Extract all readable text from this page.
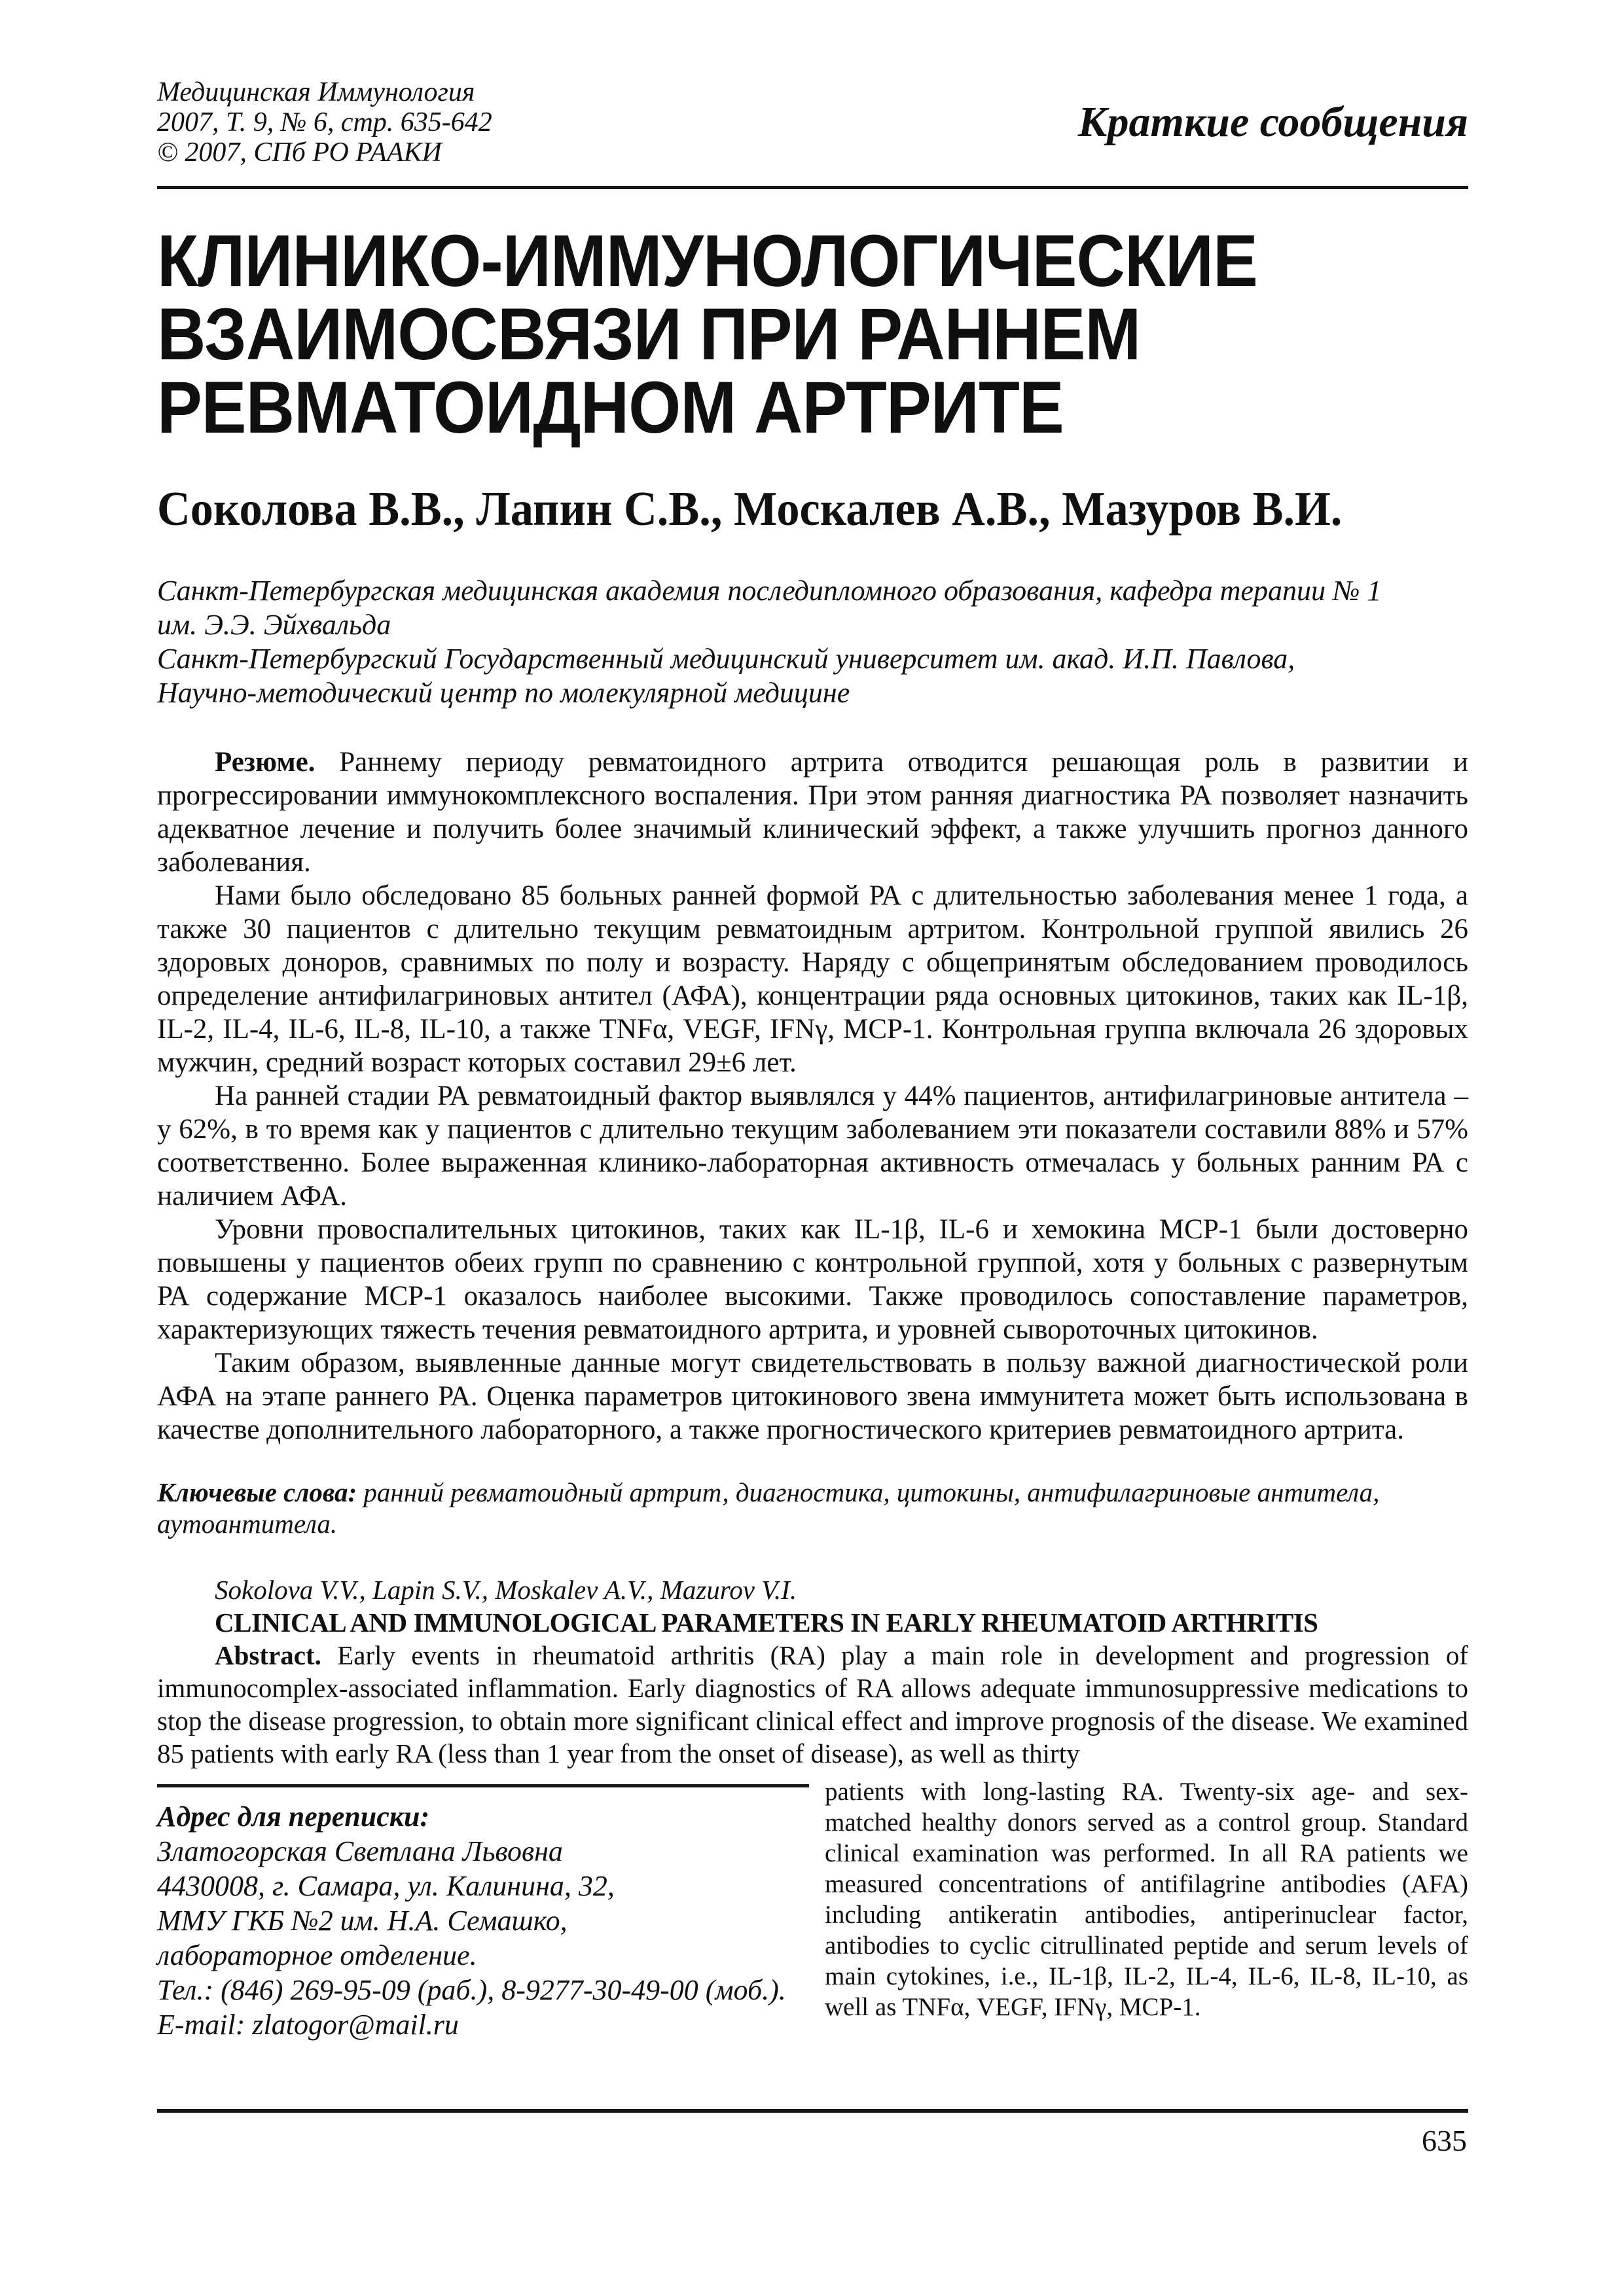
Медицинская Иммунология
2007, Т. 9, № 6, стр. 635-642
© 2007, СПб РО РААКИ
Краткие сообщения
КЛИНИКО-ИММУНОЛОГИЧЕСКИЕ
ВЗАИМОСВЯЗИ ПРИ РАННЕМ
РЕВМАТОИДНОМ АРТРИТЕ
Соколова В.В., Лапин С.В., Москалев А.В., Мазуров В.И.
Санкт-Петербургская медицинская академия последипломного образования, кафедра терапии № 1
им. Э.Э. Эйхвальда
Санкт-Петербургский Государственный медицинский университет им. акад. И.П. Павлова,
Научно-методический центр по молекулярной медицине

Резюме. Раннему периоду ревматоидного артрита отводится решающая роль в развитии и прогрессировании иммунокомплексного воспаления. При этом ранняя диагностика РА позволяет назначить адекватное лечение и получить более значимый клинический эффект, а также улучшить прогноз данного заболевания.

Нами было обследовано 85 больных ранней формой РА с длительностью заболевания менее 1 года, а также 30 пациентов с длительно текущим ревматоидным артритом. Контрольной группой явились 26 здоровых доноров, сравнимых по полу и возрасту. Наряду с общепринятым обследованием проводилось определение антифилагриновых антител (АФА), концентрации ряда основных цитокинов, таких как IL-1β, IL-2, IL-4, IL-6, IL-8, IL-10, а также TNFα, VEGF, IFNγ, MCP-1. Контрольная группа включала 26 здоровых мужчин, средний возраст которых составил 29±6 лет.

На ранней стадии РА ревматоидный фактор выявлялся у 44% пациентов, антифилагриновые антитела – у 62%, в то время как у пациентов с длительно текущим заболеванием эти показатели составили 88% и 57% соответственно. Более выраженная клинико-лабораторная активность отмечалась у больных ранним РА с наличием АФА.

Уровни провоспалительных цитокинов, таких как IL-1β, IL-6 и хемокина MCP-1 были достоверно повышены у пациентов обеих групп по сравнению с контрольной группой, хотя у больных с развернутым РА содержание MCP-1 оказалось наиболее высокими. Также проводилось сопоставление параметров, характеризующих тяжесть течения ревматоидного артрита, и уровней сывороточных цитокинов.

Таким образом, выявленные данные могут свидетельствовать в пользу важной диагностической роли АФА на этапе раннего РА. Оценка параметров цитокинового звена иммунитета может быть использована в качестве дополнительного лабораторного, а также прогностического критериев ревматоидного артрита.

Ключевые слова: ранний ревматоидный артрит, диагностика, цитокины, антифилагриновые антитела, аутоантитела.

Sokolova V.V., Lapin S.V., Moskalev A.V., Mazurov V.I.

CLINICAL AND IMMUNOLOGICAL PARAMETERS IN EARLY RHEUMATOID ARTHRITIS

Abstract. Early events in rheumatoid arthritis (RA) play a main role in development and progression of immunocomplex-associated inflammation. Early diagnostics of RA allows adequate immunosuppressive medications to stop the disease progression, to obtain more significant clinical effect and improve prognosis of the disease. We examined 85 patients with early RA (less than 1 year from the onset of disease), as well as thirty

Адрес для переписки:
Златогорская Светлана Львовна
4430008, г. Самара, ул. Калинина, 32,
ММУ ГКБ №2 им. Н.А. Семашко,
лабораторное отделение.
Тел.: (846) 269-95-09 (раб.), 8-9277-30-49-00 (моб.).
E-mail: zlatogor@mail.ru

patients with long-lasting RA. Twenty-six age- and sex-matched healthy donors served as a control group. Standard clinical examination was performed. In all RA patients we measured concentrations of antifilagrine antibodies (AFA) including antikeratin antibodies, antiperinuclear factor, antibodies to cyclic citrullinated peptide and serum levels of main cytokines, i.e., IL-1β, IL-2, IL-4, IL-6, IL-8, IL-10, as well as TNFα, VEGF, IFNγ, MCP-1.

635
